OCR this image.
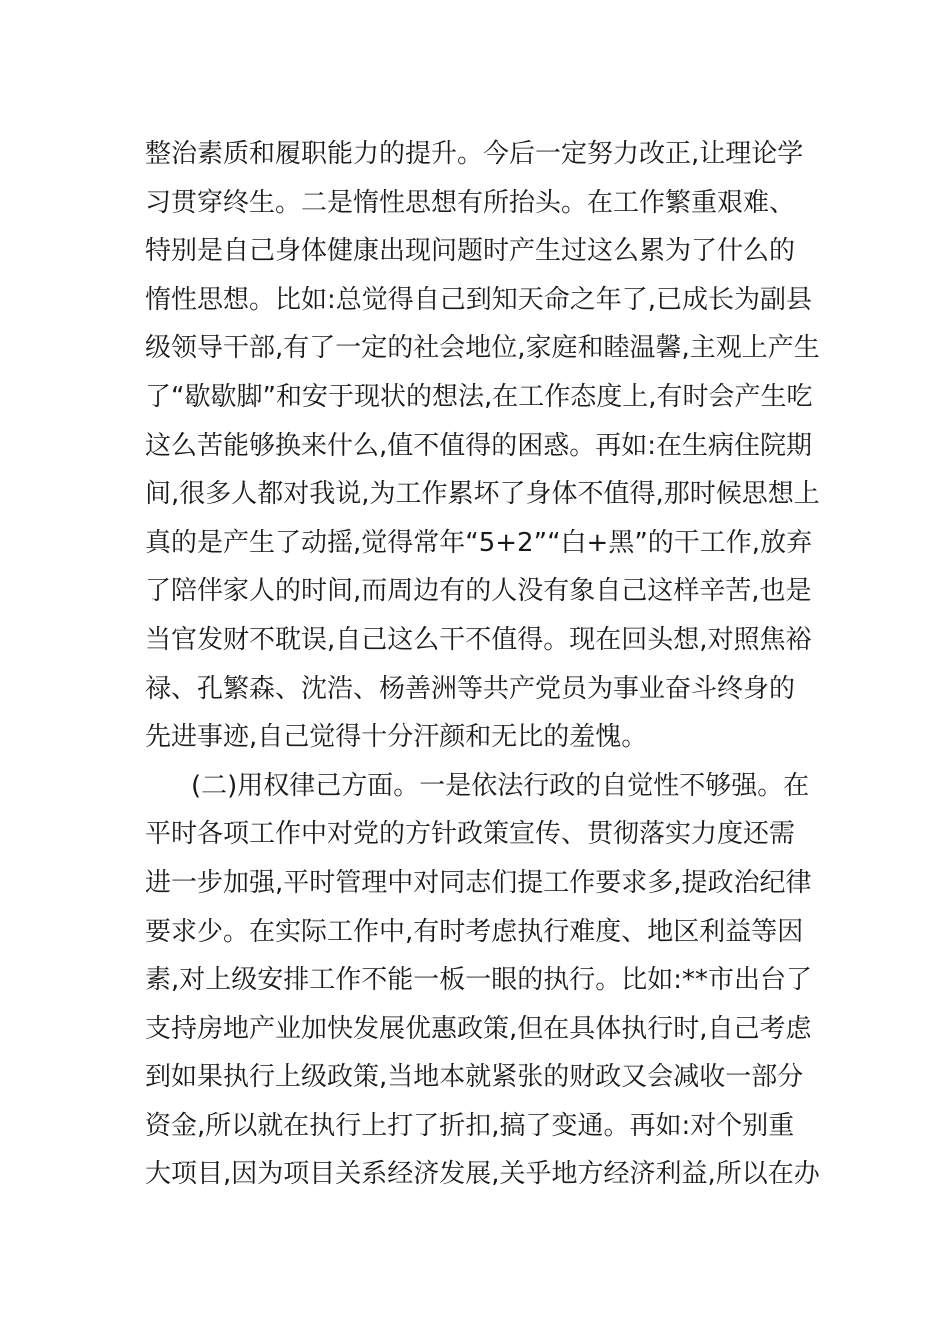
整治素质和履职能力的提升。今后一定努力改正,让理论学
习贯穿终生。二是惰性思想有所抬头。在工作繁重艰难、
特别是自己身体健康出现问题时产生过这么累为了什么的
惰性思想。比如:总觉得自己到知天命之年了,已成长为副县
级领导干部,有了一定的社会地位,家庭和睦温馨,主观上产生
了“歇歇脚”和安于现状的想法,在工作态度上,有时会产生吃
这么苦能够换来什么,值不值得的困惑。再如:在生病住院期
间,很多人都对我说,为工作累坏了身体不值得,那时候思想上
真的是产生了动摇,觉得常年“5+2”“白+黑”的干工作,放弃
了陪伴家人的时间,而周边有的人没有象自己这样辛苦,也是
当官发财不耽误,自己这么干不值得。现在回头想,对照焦裕
禄、孔繁森、沈浩、杨善洲等共产党员为事业奋斗终身的
先进事迹,自己觉得十分汗颜和无比的羞愧。
(二)用权律己方面。一是依法行政的自觉性不够强。在
平时各项工作中对党的方针政策宣传、贯彻落实力度还需
进一步加强,平时管理中对同志们提工作要求多,提政治纪律
要求少。在实际工作中,有时考虑执行难度、地区利益等因
素,对上级安排工作不能一板一眼的执行。比如:**市出台了
支持房地产业加快发展优惠政策,但在具体执行时,自己考虑
到如果执行上级政策,当地本就紧张的财政又会减收一部分
资金,所以就在执行上打了折扣,搞了变通。再如:对个别重
大项目,因为项目关系经济发展,关乎地方经济利益,所以在办
